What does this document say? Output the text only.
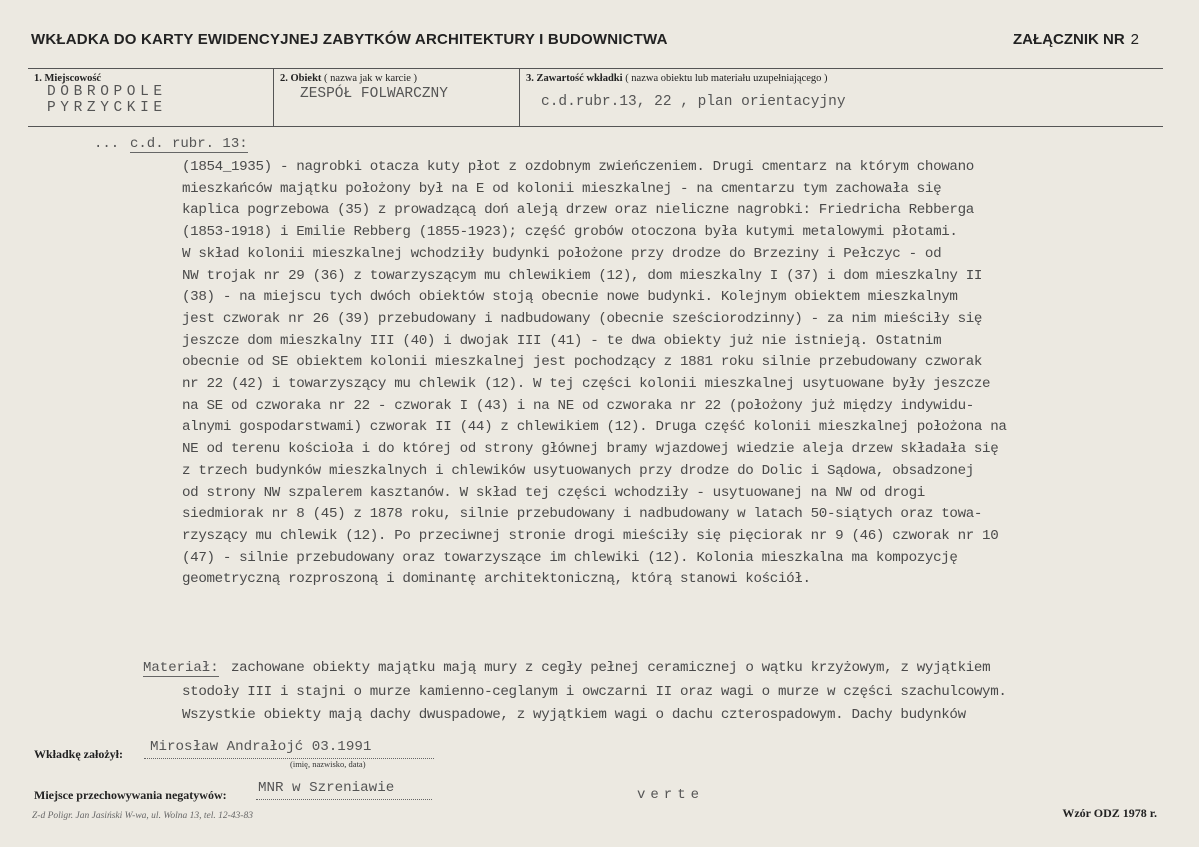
WKŁADKA DO KARTY EWIDENCYJNEJ ZABYTKÓW ARCHITEKTURY I BUDOWNICTWA	ZAŁĄCZNIK NR 2
1. Miejscowość
DOBROPOLE
PYRZYCKIE
2. Obiekt ( nazwa jak w karcie )
ZESPÓŁ FOLWARCZNY
3. Zawartość wkładki ( nazwa obiektu lub materiału uzupełniającego )
c.d.rubr.13, 22 , plan orientacyjny
... c.d. rubr. 13:
(1854_1935) - nagrobki otacza kuty płot z ozdobnym zwieńczeniem. Drugi cmentarz na którym chowano
mieszkańców majątku położony był na E od kolonii mieszkalnej - na cmentarzu tym zachowała się
kaplica pogrzebowa (35) z prowadzącą doń aleją drzew oraz nieliczne nagrobki: Friedricha Rebberga
(1853-1918) i Emilie Rebberg (1855-1923); część grobów otoczona była kutymi metalowymi płotami.
W skład kolonii mieszkalnej wchodziły budynki położone przy drodze do Brzeziny i Pełczyc - od
NW trojak nr 29 (36) z towarzyszącym mu chlewikiem (12), dom mieszkalny I (37) i dom mieszkalny II
(38) - na miejscu tych dwóch obiektów stoją obecnie nowe budynki. Kolejnym obiektem mieszkalnym
jest czworak nr 26 (39) przebudowany i nadbudowany (obecnie sześciorodzinny) - za nim mieściły się
jeszcze dom mieszkalny III (40) i dwojak III (41) - te dwa obiekty już nie istnieją. Ostatnim
obecnie od SE obiektem kolonii mieszkalnej jest pochodzący z 1881 roku silnie przebudowany czworak
nr 22 (42) i towarzyszący mu chlewik (12). W tej części kolonii mieszkalnej usytuowane były jeszcze
na SE od czworaka nr 22 - czworak I (43) i na NE od czworaka nr 22 (położony już między indywidu-
alnymi gospodarstwami) czworak II (44) z chlewikiem (12). Druga część kolonii mieszkalnej położona na
NE od terenu kościoła i do której od strony głównej bramy wjazdowej wiedzie aleja drzew składała się
z trzech budynków mieszkalnych i chlewików usytuowanych przy drodze do Dolic i Sądowa, obsadzonej
od strony NW szpalerem kasztanów. W skład tej części wchodziły - usytuowanej na NW od drogi
siedmiorak nr 8 (45) z 1878 roku, silnie przebudowany i nadbudowany w latach 50-siątych oraz towa-
rzyszący mu chlewik (12). Po przeciwnej stronie drogi mieściły się pięciorak nr 9 (46) czworak nr 10
(47) - silnie przebudowany oraz towarzyszące im chlewiki (12). Kolonia mieszkalna ma kompozycję
geometryczną rozproszoną i dominantę architektoniczną, którą stanowi kościół.
Materiał: zachowane obiekty majątku mają mury z cegły pełnej ceramicznej o wątku krzyżowym, z wyjątkiem
stodoły III i stajni o murze kamienno-ceglanym i owczarni II oraz wagi o murze w części szachulcowym.
Wszystkie obiekty mają dachy dwuspadowe, z wyjątkiem wagi o dachu czterospadowym. Dachy budynków
Wkładkę założył: Mirosław Andrałojć 03.1991
(imię, nazwisko, data)
Miejsce przechowywania negatywów: MNR w Szreniawie	verte
Z-d Poligr. Jan Jasiński W-wa, ul. Wolna 13, tel. 12-43-83	Wzór ODZ 1978 r.
